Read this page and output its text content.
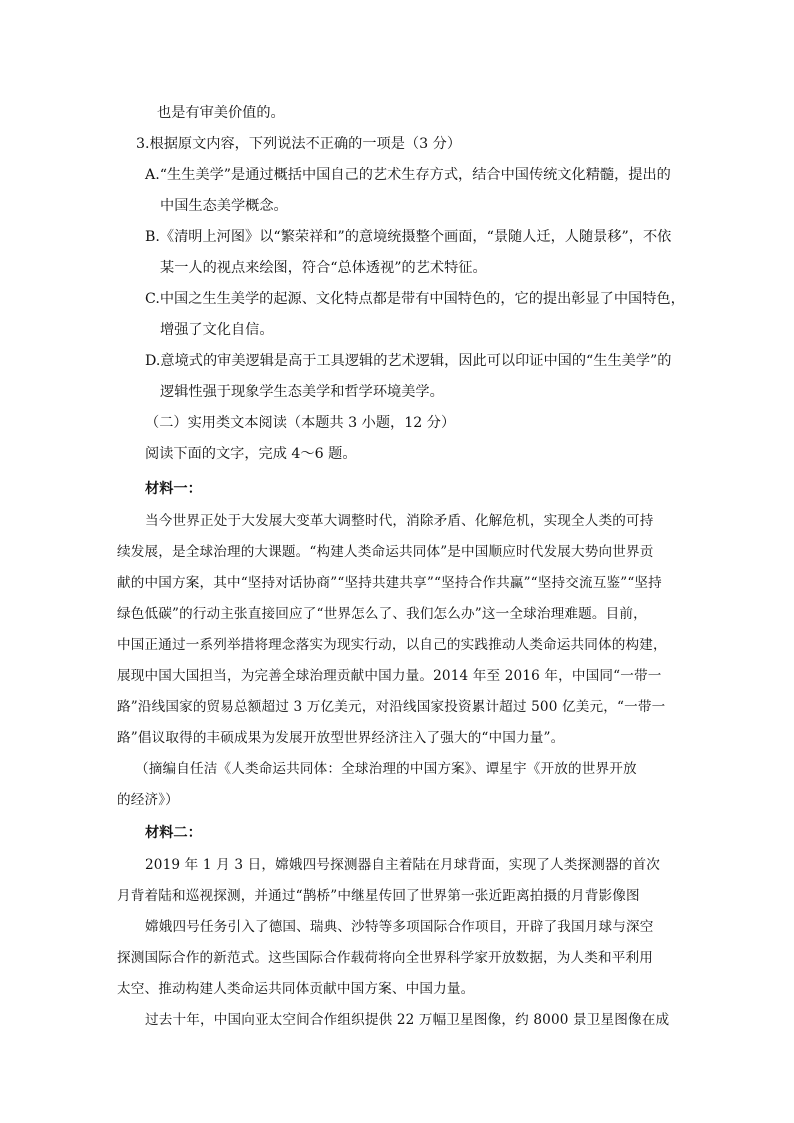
也是有审美价值的。
3.根据原文内容，下列说法不正确的一项是（3 分）
A.“生生美学”是通过概括中国自己的艺术生存方式，结合中国传统文化精髓，提出的
中国生态美学概念。
B.《清明上河图》以“繁荣祥和”的意境统摄整个画面，“景随人迁，人随景移”，不依
某一人的视点来绘图，符合“总体透视”的艺术特征。
C.中国之生生美学的起源、文化特点都是带有中国特色的，它的提出彰显了中国特色，
增强了文化自信。
D.意境式的审美逻辑是高于工具逻辑的艺术逻辑，因此可以印证中国的“生生美学”的
逻辑性强于现象学生态美学和哲学环境美学。
（二）实用类文本阅读（本题共 3 小题，12 分）
阅读下面的文字，完成 4～6 题。
材料一：
当今世界正处于大发展大变革大调整时代，消除矛盾、化解危机，实现全人类的可持
续发展，是全球治理的大课题。“构建人类命运共同体”是中国顺应时代发展大势向世界贡
献的中国方案，其中“坚持对话协商”“坚持共建共享”“坚持合作共赢”“坚持交流互鉴”“坚持
绿色低碳”的行动主张直接回应了“世界怎么了、我们怎么办”这一全球治理难题。目前，
中国正通过一系列举措将理念落实为现实行动，以自己的实践推动人类命运共同体的构建，
展现中国大国担当，为完善全球治理贡献中国力量。2014 年至 2016 年，中国同“一带一
路”沿线国家的贸易总额超过 3 万亿美元，对沿线国家投资累计超过 500 亿美元，“一带一
路”倡议取得的丰硕成果为发展开放型世界经济注入了强大的“中国力量”。
（摘编自任洁《人类命运共同体：全球治理的中国方案》、谭星宇《开放的世界开放
的经济》）
材料二：
2019 年 1 月 3 日，嫦娥四号探测器自主着陆在月球背面，实现了人类探测器的首次
月背着陆和巡视探测，并通过“鹊桥”中继星传回了世界第一张近距离拍摄的月背影像图
嫦娥四号任务引入了德国、瑞典、沙特等多项国际合作项目，开辟了我国月球与深空
探测国际合作的新范式。这些国际合作载荷将向全世界科学家开放数据，为人类和平利用
太空、推动构建人类命运共同体贡献中国方案、中国力量。
过去十年，中国向亚太空间合作组织提供 22 万幅卫星图像，约 8000 景卫星图像在成
